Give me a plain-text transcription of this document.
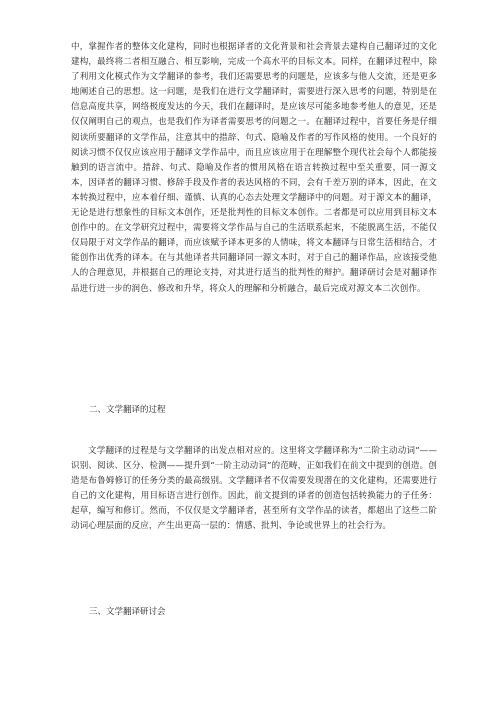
中，掌握作者的整体文化建构，同时也根据译者的文化背景和社会背景去建构自己翻译过的文化建构，最终将二者相互融合、相互影响，完成一个高水平的目标文本。同样，在翻译过程中，除了利用文化模式作为文学翻译的参考，我们还需要思考的问题是，应该多与他人交流，还是更多地阐述自己的思想。这一问题，是我们在进行文学翻译时，需要进行深入思考的问题，特别是在信息高度共享，网络极度发达的今天，我们在翻译时，是应该尽可能多地参考他人的意见，还是仅仅阐明自己的观点，也是我们作为译者需要思考的问题之一。在翻译过程中，首要任务是仔细阅读所要翻译的文学作品，注意其中的措辞、句式、隐喻及作者的写作风格的使用。一个良好的阅读习惯不仅仅应该应用于翻译文学作品中，而且应该应用于在理解整个现代社会每个人都能接触到的语言流中。措辞、句式、隐喻及作者的惯用风格在语言转换过程中至关重要，同一源文本，因译者的翻译习惯、修辞手段及作者的表达风格的不同，会有千差万别的译本，因此，在文本转换过程中，应本着仔细、谨慎、认真的心态去处理文学翻译中的问题。对于源文本的翻译，无论是进行想象性的目标文本创作，还是批判性的目标文本创作。二者都是可以应用到目标文本创作中的。在文学研究过程中，需要将文学作品与自己的生活联系起来，不能脱离生活，不能仅仅局限于对文学作品的翻译，而应该赋予译本更多的人情味，将文本翻译与日常生活相结合，才能创作出优秀的译本。在与其他译者共同翻译同一源文本时，对于自己的翻译作品，应该接受他人的合理意见，并根据自己的理论支持，对其进行适当的批判性的辩护。翻译研讨会是对翻译作品进行进一步的润色、修改和升华，将众人的理解和分析融合，最后完成对源文本二次创作。

二、文学翻译的过程

文学翻译的过程是与文学翻译的出发点相对应的。这里将文学翻译称为“二阶主动动词”——识别、阅读、区分、检测——提升到“一阶主动动词”的范畴，正如我们在前文中提到的创造。创造是布鲁姆修订的任务分类的最高级别。文学翻译者不仅需要发现潜在的文化建构，还需要进行自己的文化建构，用目标语言进行创作。因此，前文提到的译者的创造包括转换能力的子任务：起草，编写和修订。然而，不仅仅是文学翻译者，甚至所有文学作品的读者，都超出了这些二阶动词心理层面的反应，产生出更高一层的：情感、批判、争论或世界上的社会行为。

三、文学翻译研讨会
